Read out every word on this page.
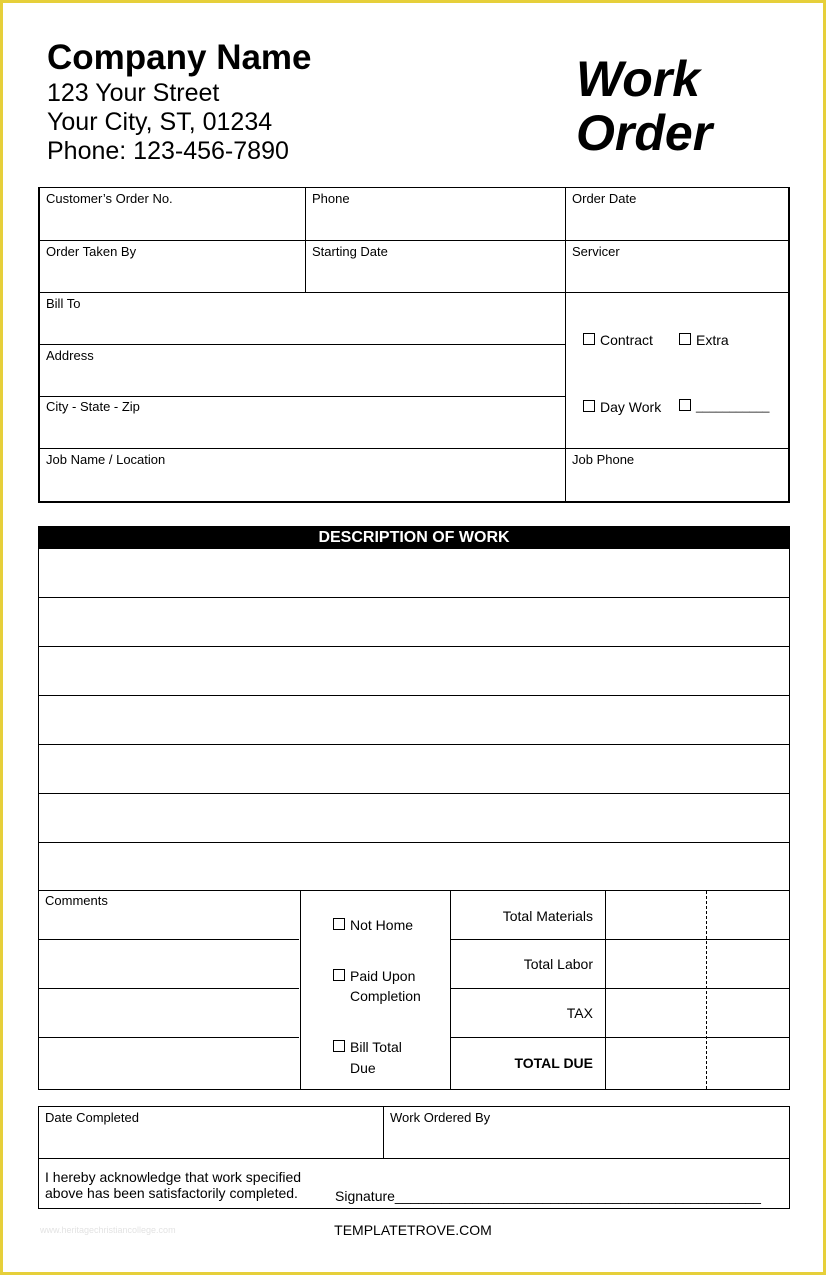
Company Name
123 Your Street
Your City, ST, 01234
Phone: 123-456-7890
Work
Order
Customer’s Order No.	Phone	Order Date
Order Taken By	Starting Date	Servicer
Bill To
Address
City - State - Zip
Contract	Extra
Day Work	___________
Job Name / Location	Job Phone
DESCRIPTION OF WORK
Comments
Not Home
Paid Upon
Completion
Bill Total
Due
Total Materials
Total Labor
TAX
TOTAL DUE
Date Completed	Work Ordered By
I hereby acknowledge that work specified
above has been satisfactorily completed.	Signature_______________________________________________
www.heritagechristiancollege.com	TEMPLATETROVE.COM
